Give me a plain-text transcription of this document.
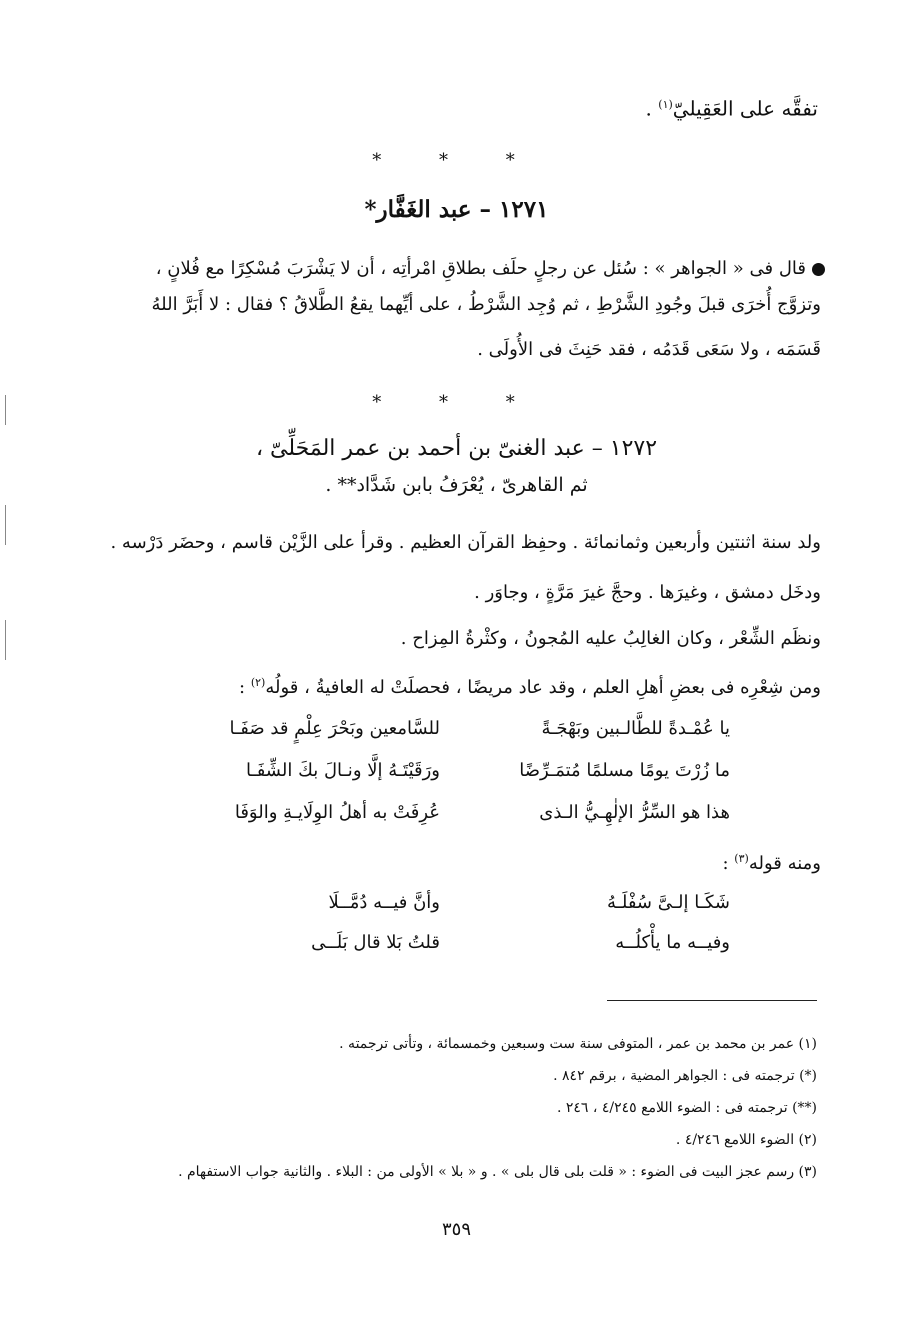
تفقَّه على العَقِيليّ$^{(١)}$ .
* * *
١٢٧١ – عبد الغَفَّار*
قال فى « الجواهر » : سُئل عن رجلٍ حلَف بطلاقِ امْرأتِه ، أن لا يَشْرَبَ مُسْكِرًا مع فُلانٍ ،
وتزوَّج أُخرَى قبلَ وجُودِ الشَّرْطِ ، ثم وُجِد الشَّرْطُ ، على أيِّهما يقعُ الطَّلاقُ ؟ فقال : لا أَبَرَّ اللهُ
قَسَمَه ، ولا سَعَى قَدَمُه ، فقد حَنِثَ فى الأُولَى .
* * *
١٢٧٢ – عبد الغنىّ بن أحمد بن عمر المَحَلِّىّ ،
ثم القاهرىّ ، يُعْرَفُ بابن شَدَّاد** .
ولد سنة اثنتين وأربعين وثمانمائة . وحفِظ القرآن العظيم . وقرأ على الزَّيْن قاسم ، وحضَر دَرْسه .
ودخَل دمشق ، وغيرَها . وحجَّ غيرَ مَرَّةٍ ، وجاوَر .
ونظَم الشِّعْر ، وكان الغالِبُ عليه المُجونُ ، وكثْرةُ المِزاح .
ومن شِعْرِه فى بعضِ أهلِ العلم ، وقد عاد مريضًا ، فحصلَتْ له العافيةُ ، قولُه$^{(٢)}$ :
يا عُمْـدةً للطَّالـبين وبَهْجَـةً
للسَّامعين وبَحْرَ عِلْمٍ قد صَفَـا
ما زُرْتَ يومًا مسلمًا مُتمَـرِّضًا
ورَقَيْتَـهُ إلَّا ونـالَ بكَ الشِّفَـا
هذا هو السِّرُّ الإلٰهِـيُّ الـذى
عُرِفَتْ به أهلُ الوِلَايـةِ والوَفَا
ومنه قوله$^{(٣)}$ :
شَكَـا إلـىَّ سُفْلَـهُ
وأنَّ فيــه دُمَّــلَا
وفيــه ما يأْكلُــه
قلتُ بَلا قال بَلَــى
(١) عمر بن محمد بن عمر ، المتوفى سنة ست وسبعين وخمسمائة ، وتأتى ترجمته .
(*) ترجمته فى : الجواهر المضية ، برقم ٨٤٢ .
(**) ترجمته فى : الضوء اللامع ٤/٢٤٥ ، ٢٤٦ .
(٢) الضوء اللامع ٤/٢٤٦ .
(٣) رسم عجز البيت فى الضوء : « قلت بلى قال بلى » . و « بلا » الأولى من : البلاء . والثانية جواب الاستفهام .
٣٥٩
